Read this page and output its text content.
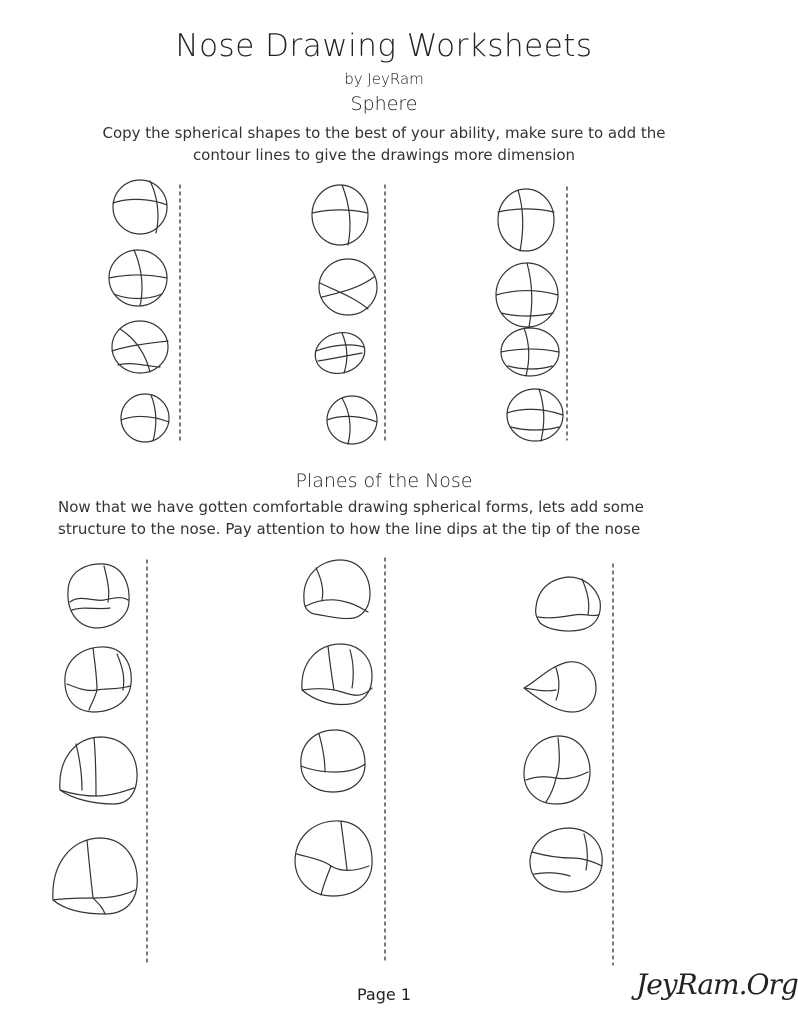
Nose Drawing Worksheets
by JeyRam
Sphere
Copy the spherical shapes to the best of your ability, make sure to add the contour lines to give the drawings more dimension
Planes of the Nose
Now that we have gotten comfortable drawing spherical forms, lets add some structure to the nose. Pay attention to how the line dips at the tip of the nose
Page 1	JeyRam.Org
